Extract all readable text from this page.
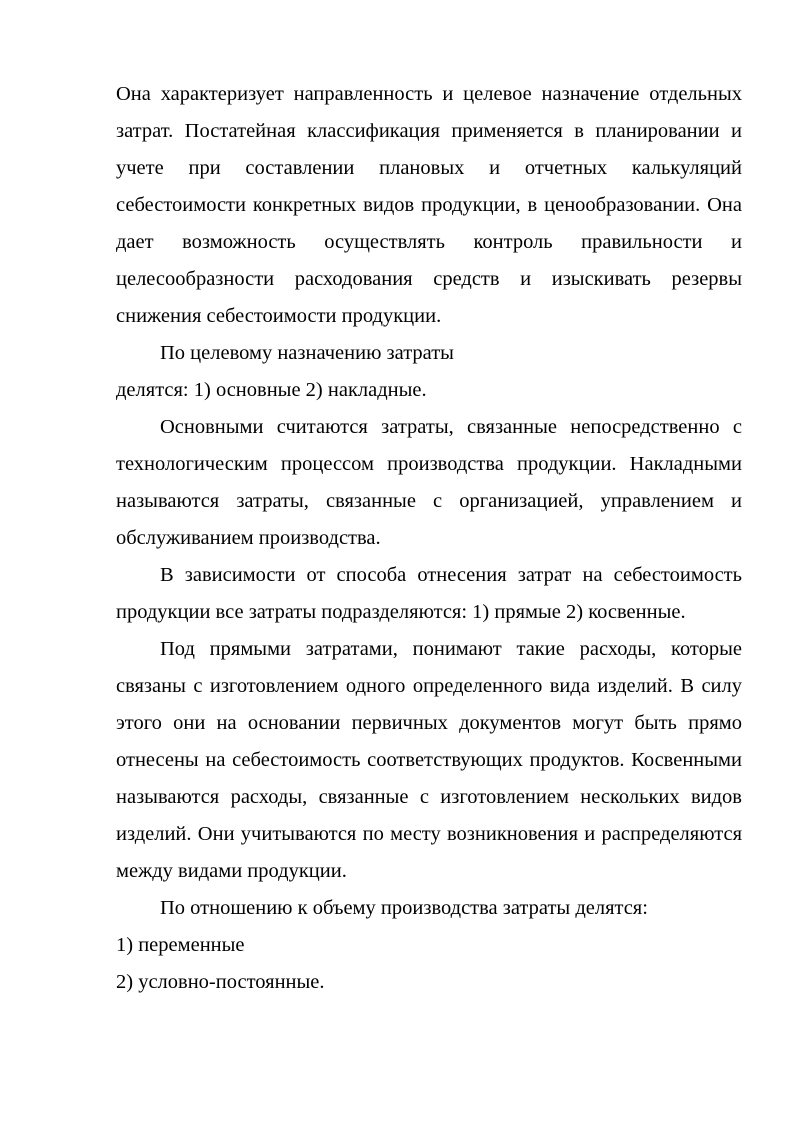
Она характеризует направленность и целевое назначение отдельных затрат. Постатейная классификация применяется в планировании и учете при составлении плановых и отчетных калькуляций себестоимости конкретных видов продукции, в ценообразовании. Она дает возможность осуществлять контроль правильности и целесообразности расходования средств и изыскивать резервы снижения себестоимости продукции.

По целевому назначению затраты

делятся: 1) основные 2) накладные.

Основными считаются затраты, связанные непосредственно с технологическим процессом производства продукции. Накладными называются затраты, связанные с организацией, управлением и обслуживанием производства.

В зависимости от способа отнесения затрат на себестоимость продукции все затраты подразделяются: 1) прямые 2) косвенные.

Под прямыми затратами, понимают такие расходы, которые связаны с изготовлением одного определенного вида изделий. В силу этого они на основании первичных документов могут быть прямо отнесены на себестоимость соответствующих продуктов. Косвенными называются расходы, связанные с изготовлением нескольких видов изделий. Они учитываются по месту возникновения и распределяются между видами продукции.

По отношению к объему производства затраты делятся:

1) переменные

2) условно-постоянные.
